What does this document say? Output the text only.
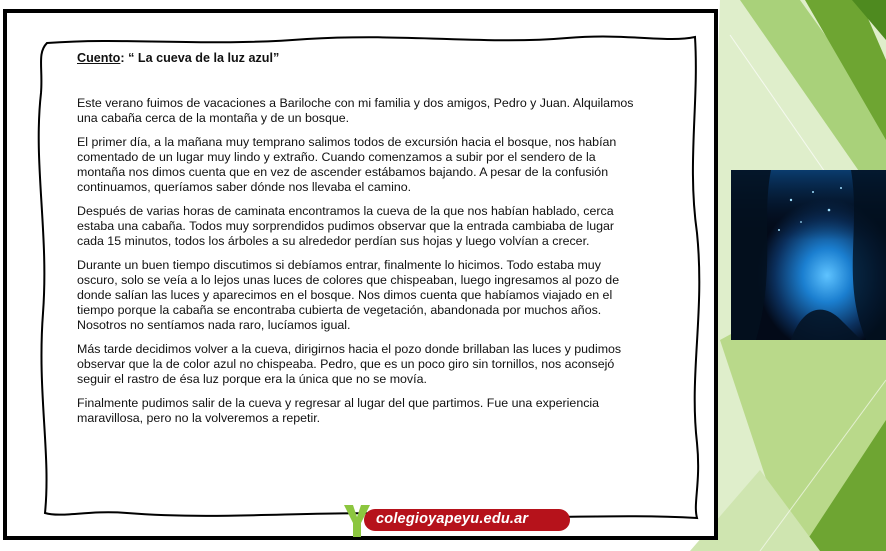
Cuento: “ La cueva de la luz azul”

Este verano fuimos de vacaciones a Bariloche con mi familia y dos amigos, Pedro y Juan. Alquilamos una cabaña cerca de la montaña y de un bosque.

El primer día, a la mañana muy temprano salimos todos de excursión hacia el bosque, nos habían comentado de un lugar muy lindo y extraño. Cuando comenzamos a subir por el sendero de la montaña nos dimos cuenta que en vez de ascender estábamos bajando. A pesar de la confusión continuamos, queríamos saber dónde nos llevaba el camino.

Después de varias horas de caminata encontramos la cueva de la que nos habían hablado, cerca estaba una cabaña. Todos muy sorprendidos pudimos observar que la entrada cambiaba de lugar cada 15 minutos, todos los árboles a su alrededor perdían sus hojas y luego volvían a crecer.

Durante un buen tiempo discutimos si debíamos entrar, finalmente lo hicimos. Todo estaba muy oscuro, solo se veía a lo lejos unas luces de colores que chispeaban, luego ingresamos al pozo de donde salían las luces y aparecimos en el bosque. Nos dimos cuenta que habíamos viajado en el tiempo porque la cabaña se encontraba cubierta de vegetación, abandonada por muchos años. Nosotros no sentíamos nada raro, lucíamos igual.

Más tarde decidimos volver a la cueva, dirigirnos hacia el pozo donde brillaban las luces y pudimos observar que la de color azul no chispeaba. Pedro, que es un poco giro sin tornillos, nos aconsejó seguir el rastro de ésa luz porque era la única que no se movía.

Finalmente pudimos salir de la cueva y regresar al lugar del que partimos. Fue una experiencia maravillosa, pero no la volveremos a repetir.

colegioyapeyu.edu.ar
